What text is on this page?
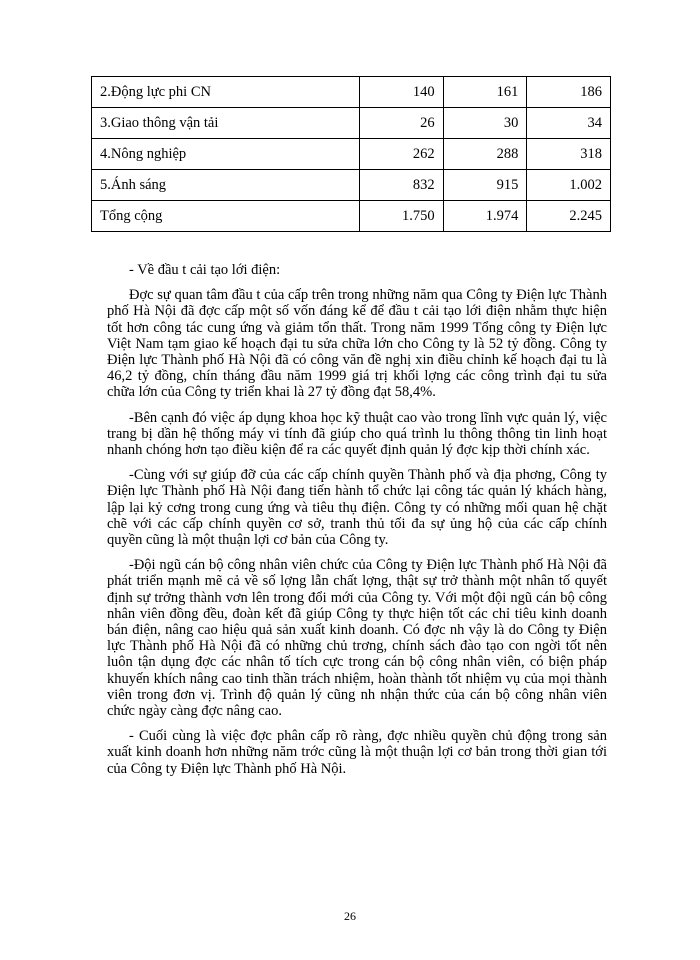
2.Động lực phi CN	140	161	186
3.Giao thông vận tải	26	30	34
4.Nông nghiệp	262	288	318
5.Ánh sáng	832	915	1.002
Tổng cộng	1.750	1.974	2.245

- Về đầu t cải tạo lới điện:

Đợc sự quan tâm đầu t của cấp trên trong những năm qua Công ty Điện lực Thành phố Hà Nội đã đợc cấp một số vốn đáng kể để đầu t cải tạo lới điện nhằm thực hiện tốt hơn công tác cung ứng và giảm tổn thất. Trong năm 1999 Tổng công ty Điện lực Việt Nam tạm giao kế hoạch đại tu sửa chữa lớn cho Công ty là 52 tỷ đồng. Công ty Điện lực Thành phố Hà Nội đã có công văn đề nghị xin điều chỉnh kế hoạch đại tu là 46,2 tỷ đồng, chín tháng đầu năm 1999 giá trị khối lợng các công trình đại tu sửa chữa lớn của Công ty triển khai là 27 tỷ đồng đạt 58,4%.

-Bên cạnh đó việc áp dụng khoa học kỹ thuật cao vào trong lĩnh vực quản lý, việc trang bị dần hệ thống máy vi tính đã giúp cho quá trình lu thông thông tin linh hoạt nhanh chóng hơn tạo điều kiện để ra các quyết định quản lý đợc kịp thời chính xác.

-Cùng với sự giúp đỡ của các cấp chính quyền Thành phố và địa phơng, Công ty Điện lực Thành phố Hà Nội đang tiến hành tổ chức lại công tác quản lý khách hàng, lập lại kỷ cơng trong cung ứng và tiêu thụ điện. Công ty có những mối quan hệ chặt chẽ với các cấp chính quyền cơ sở, tranh thủ tối đa sự ủng hộ của các cấp chính quyền cũng là một thuận lợi cơ bản của Công ty.

-Đội ngũ cán bộ công nhân viên chức của Công ty Điện lực Thành phố Hà Nội đã phát triển mạnh mẽ cả về số lợng lẫn chất lợng, thật sự trở thành một nhân tố quyết định sự trởng thành vơn lên trong đổi mới của Công ty. Với một đội ngũ cán bộ công nhân viên đồng đều, đoàn kết đã giúp Công ty thực hiện tốt các chỉ tiêu kinh doanh bán điện, nâng cao hiệu quả sản xuất kinh doanh. Có đợc nh vậy là do Công ty Điện lực Thành phố Hà Nội đã có những chủ trơng, chính sách đào tạo con ngời tốt nên luôn tận dụng đợc các nhân tố tích cực trong cán bộ công nhân viên, có biện pháp khuyến khích nâng cao tinh thần trách nhiệm, hoàn thành tốt nhiệm vụ của mọi thành viên trong đơn vị. Trình độ quản lý cũng nh nhận thức của cán bộ công nhân viên chức ngày càng đợc nâng cao.

- Cuối cùng là việc đợc phân cấp rõ ràng, đợc nhiều quyền chủ động trong sản xuất kinh doanh hơn những năm trớc cũng là một thuận lợi cơ bản trong thời gian tới của Công ty Điện lực Thành phố Hà Nội.

26
